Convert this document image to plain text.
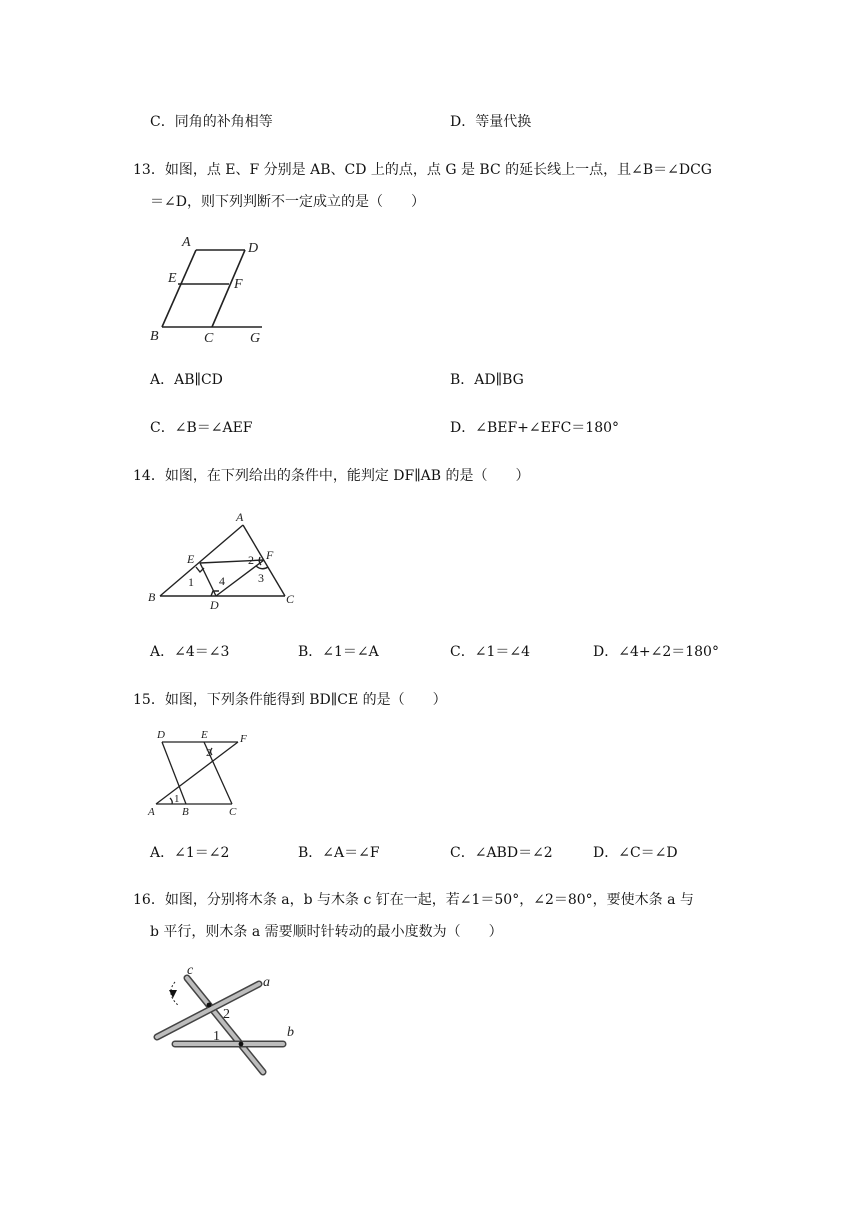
C．同角的补角相等	D．等量代换
13．如图，点 E、F 分别是 AB、CD 上的点，点 G 是 BC 的延长线上一点，且∠B＝∠DCG
＝∠D，则下列判断不一定成立的是（　　）
A	D
E	F
B	C	G
A．AB∥CD	B．AD∥BG
C．∠B＝∠AEF	D．∠BEF+∠EFC＝180°
14．如图，在下列给出的条件中，能判定 DF∥AB 的是（　　）
A
E	F
B
D	C
1
2
3
4
A．∠4＝∠3	B．∠1＝∠A	C．∠1＝∠4	D．∠4+∠2＝180°
15．如图，下列条件能得到 BD∥CE 的是（　　）
D	E	F
A B	C
1
2
A．∠1＝∠2	B．∠A＝∠F	C．∠ABD＝∠2	D．∠C＝∠D
16．如图，分别将木条 a，b 与木条 c 钉在一起，若∠1＝50°，∠2＝80°，要使木条 a 与
b 平行，则木条 a 需要顺时针转动的最小度数为（　　）
c
a
b
2
1
